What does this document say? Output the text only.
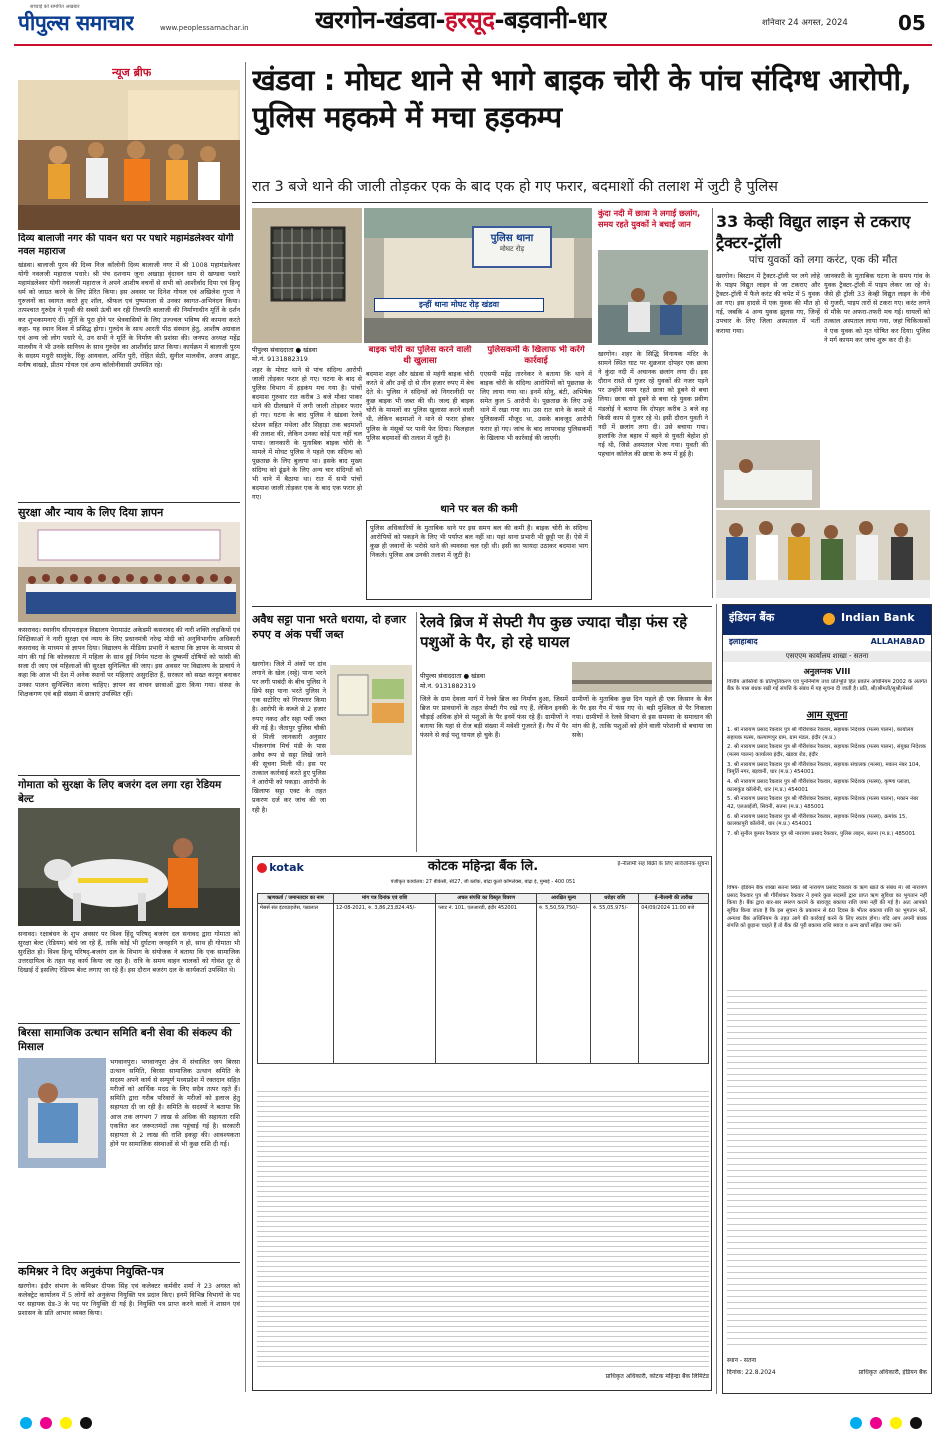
सच्चाई को समर्पित अखबार
पीपुल्स समाचार	www.peoplessamachar.in	खरगोन-खंडवा-हरसूद-बड़वानी-धार	शनिवार 24 अगस्त, 2024	05
न्यूज ब्रीफ
दिव्य बालाजी नगर की पावन धरा पर पधारे महामंडलेश्वर योगी नवल महाराज
खंडवा। बालाजी पुरम की दिव्य निज कॉलोनी दिव्य बालाजी नगर में श्री 1008 महामंडलेश्वर योगी नवलजी महाराज पधारे। श्री पंच दशनाम जूना अखाड़ा वृंदावन धाम से खण्डवा पधारे महामंडलेश्वर योगी नवलजी महाराज ने अपने आशीष वचनों से सभी को आशीर्वाद दिया एवं हिन्दू धर्म को जाग्रत करने के लिए प्रेरित किया। इस अवसर पर दिनेश गोयल एवं अखिलेश गुप्ता ने गुरुजनों का स्वागत करते हुए शॉल, श्रीफल एवं पुष्पमाला से उनका स्वागत-अभिनंदन किया। तत्पश्चात गुरुदेव ने पृथ्वी की सबसे ऊंची बन रही तिरुपति बालाजी की निर्माणाधीन मूर्ति के दर्शन कर शुभकामनाएं दीं। मूर्ति के पूरा होने पर श्रेत्रवासियों के लिए उज्ज्वल भविष्य की कामना करते कहा- यह स्थान विश्व में प्रसिद्ध होगा। गुरुदेव के साथ आरती पीठ संस्थान हेतु, आशीष अग्रवाल एवं अन्य जो लोग पधारे थे, उन सभी ने मूर्ति के निर्माण की प्रशंसा की। जनपद अध्यक्ष महेंद्र मालवीय ने भी उनके सानिध्य के साथ गुरुदेव का आशीर्वाद प्राप्त किया। कार्यक्रम में बालाजी पुरम के सदस्य मधुरी सालुंके, रिंकू आयवाल, अर्पित पुरी, रोहित सेठी, सुनील मालवीय, अजय आडूट, मनीष वाखड़े, प्रीतम गोयल एवं अन्य कॉलोनीवासी उपस्थित रहे।
सुरक्षा और न्याय के लिए दिया ज्ञापन
कसरावद। स्थानीय सीएमराइज विद्यालय पेरामाउंट अकेडमी कसरावद की नारी शक्ति लड़कियों एवं शिक्षिकाओं ने नारी सुरक्षा एवं न्याय के लिए प्रधानमंत्री नरेन्द्र मोदी को अनुविभागीय अधिकारी कसरावद के माध्यम से ज्ञापन दिया। विद्यालय के मीडिया प्रभारी ने बताया कि ज्ञापन के माध्यम से मांग की गई कि कोलकाता में महिला के साथ हुई निर्मम घटना के दुष्कर्मी दोषियों को फांसी की सजा दी जाए एवं महिलाओं की सुरक्षा सुनिश्चित की जाए। इस अवसर पर विद्यालय के प्राचार्य ने कहा कि आज भी देश में अनेक स्थानों पर महिलाएं असुरक्षित हैं, सरकार को सख्त कानून बनाकर उनका पालन सुनिश्चित करना चाहिए। ज्ञापन का वाचन छात्राओं द्वारा किया गया। संस्था के शिक्षकगण एवं बड़ी संख्या में छात्राएं उपस्थित रहीं।
गोमाता को सुरक्षा के लिए बजरंग दल लगा रहा रेडियम बेल्ट
सनावद। रक्षाबंधन के शुभ अवसर पर विश्व हिंदू परिषद् बजरंग दल सनावद द्वारा गोमाता को सुरक्षा बेल्ट (रेडियम) बांधे जा रहे हैं, ताकि कोई भी दुर्घटना जनहानि न हो, साथ ही गोमाता भी सुरक्षित हो। विश्व हिन्दू परिषद्-बजरंग दल के विभाग के संयोजक ने बताया कि एक सामाजिक उत्तरदायित्व के तहत यह कार्य किया जा रहा है। रात्रि के समय वाहन चालकों को गोवंश दूर से दिखाई दें इसलिए रेडियम बेल्ट लगाए जा रहे हैं। इस दौरान बजरंग दल के कार्यकर्ता उपस्थित थे।
बिरसा सामाजिक उत्थान समिति बनी सेवा की संकल्प की मिसाल
भगवानपुरा। भगवानपुरा क्षेत्र में संचालित जय बिरसा उत्थान समिति, बिरसा सामाजिक उत्थान समिति के सदस्य अपने कार्य से सम्पूर्ण मध्यप्रदेश में रक्तदान सहित मरीजों को आर्थिक मदद के लिए सदैव तत्पर रहते हैं। समिति द्वारा गरीब परिवारों के मरीजों को इलाज हेतु सहायता दी जा रही है। समिति के सदस्यों ने बताया कि आज तक लगभग 7 लाख से अधिक की सहायता राशि एकत्रित कर जरूरतमंदों तक पहुंचाई गई है। सरकारी सहायता से 2 लाख की राशि इकट्ठा की। आवश्यकता होने पर सामाजिक संस्थाओं से भी कुछ राशि दी गई।
कमिश्नर ने दिए अनुकंपा नियुक्ति-पत्र
खरगोन। इंदौर संभाग के कमिश्नर दीपक सिंह एवं कलेक्टर कर्मवीर शर्मा ने 23 अगस्त को कलेक्ट्रेट कार्यालय में 5 लोगों को अनुकंपा नियुक्ति पत्र प्रदान किए। इनमें विभिन्न विभागों के पद पर सहायक ग्रेड-3 के पद पर नियुक्ति दी गई है। नियुक्ति पत्र प्राप्त करने वालों ने शासन एवं प्रशासन के प्रति आभार व्यक्त किया।
खंडवा : मोघट थाने से भागे बाइक चोरी के पांच संदिग्ध आरोपी, पुलिस महकमे में मचा हड़कम्प
रात 3 बजे थाने की जाली तोड़कर एक के बाद एक हो गए फरार, बदमाशों की तलाश में जुटी है पुलिस
पुलिस थाना
मोघट रोड़
इन्हीं थाना मोघट रोड़ खंडवा
पीपुल्स संवाददाता ● खंडवा
मो.नं. 9131882319
शहर के मोघट थाने से पांच संदिग्ध आरोपी जाली तोड़कर फरार हो गए। घटना के बाद से पुलिस विभाग में हड़कंप मच गया है। पांचों बदमाश गुरुवार रात करीब 3 बजे मौका पाकर थाने की ग्रीलखाने में लगी जाली तोड़कर फरार हो गए। घटना के बाद पुलिस ने खंडवा रेलवे स्टेशन सहित मथेला और सिहाड़ा तक बदमाशों की तलाश की, लेकिन उनका कोई पता नहीं चल पाया। जानकारी के मुताबिक बाइक चोरी के मामले में मोघट पुलिस ने पहले एक संदिग्ध को पूछताछ के लिए बुलाया था। इसके बाद मुख्य संदिग्ध को ढूंढने के लिए अन्य चार संदिग्धों को भी थाने में बैठाया था। रात में सभी पांचों बदमाश जाली तोड़कर एक के बाद एक फरार हो गए।
बाइक चोरी का पुलिस करने वाली थी खुलासा
बदमाश शहर और खंडवा से महंगी बाइक चोरी करते थे और उन्हें दो से तीन हजार रुपए में बेच देते थे। पुलिस ने संदिग्धों को निगरानीदी पर कुछ बाइक भी जब्त की थी। जल्द ही बाइक चोरी के मामलों का पुलिस खुलासा करने वाली थी, लेकिन बदमाशों ने थाने से फरार होकर पुलिस के मंसूबों पर पानी फेर दिया। फिलहाल पुलिस बदमाशों की तलाश में जुटी है।
पुलिसकर्मी के खिलाफ भी करेंगे कार्रवाई
एएसपी महेंद्र तारनेकर ने बताया कि थाने में बाइक चोरी के संदिग्ध आरोपियों को पूछताछ के लिए लाया गया था। इनमें सोनू, बंटी, अभिषेक समेत कुल 5 आरोपी थे। पूछताछ के लिए उन्हें थाने में रखा गया था। उस रात थाने के कमरे में पुलिसकर्मी मौजूद था, उसके बावजूद आरोपी फरार हो गए। जांच के बाद लापरवाह पुलिसकर्मी के खिलाफ भी कार्रवाई की जाएगी।
थाने पर बल की कमी
पुलिस अधिकारियों के मुताबिक थाने पर इस समय बल की कमी है। बाइक चोरी के संदिग्ध आरोपियों को पकड़ने के लिए भी पर्याप्त बल नहीं था। यहां थाना प्रभारी भी छुट्टी पर हैं। ऐसे में कुछ ही जवानों के भरोसे थाने की व्यवस्था चल रही थी। इसी का फायदा उठाकर बदमाश भाग निकले। पुलिस अब उनकी तलाश में जुटी है।
कुंदा नदी में छात्रा ने लगाई छलांग, समय रहते युवकों ने बचाई जान
खरगोन। शहर के सिद्धि विनायक मंदिर के सामने स्थित घाट पर शुक्रवार दोपहर एक छात्रा ने कुंदा नदी में अचानक छलांग लगा दी। इस दौरान रास्ते से गुजर रहे युवकों की नजर पड़ने पर उन्होंने समय रहते छात्रा को डूबने से बचा लिया। छात्रा को डूबने से बचा रहे युवक प्रवीण मंडलोई ने बताया कि दोपहर करीब 3 बजे वह किसी काम से गुजर रहे थे। इसी दौरान युवती ने नदी में छलांग लगा दी। उसे बचाया गया। हालांकि तेज बहाव में बहने से युवती बेहोश हो गई थी, जिसे अस्पताल भेजा गया। युवती की पहचान कॉलेज की छात्रा के रूप में हुई है।
33 केव्ही विद्युत लाइन से टकराए ट्रैक्टर-ट्रॉली
पांच युवकों को लगा करंट, एक की मौत
खरगोन। बिस्टान में ट्रैक्टर-ट्रॉली पर लगे लोहे के पाइप विद्युत लाइन से जा टकराए और ट्रैक्टर-ट्रॉली में फैले करंट की चपेट में 5 युवक आ गए। इस हादसे में एक युवक की मौत हो गई, जबकि 4 अन्य युवक झुलस गए, जिन्हें उपचार के लिए जिला अस्पताल में भर्ती कराया गया।
जानकारी के मुताबिक घटना के समय गांव के युवक ट्रैक्टर-ट्रॉली में पाइप लेकर जा रहे थे। जैसे ही ट्रॉली 33 केव्ही विद्युत लाइन के नीचे से गुजरी, पाइप तारों से टकरा गए। करंट लगने से मौके पर अफरा-तफरी मच गई। घायलों को तत्काल अस्पताल लाया गया, जहां चिकित्सकों ने एक युवक को मृत घोषित कर दिया। पुलिस ने मर्ग कायम कर जांच शुरू कर दी है।
अवैध सट्टा पाना भरते धराया, दो हजार रुपए व अंक पर्ची जब्त
खरगोन। जिले में अंकों पर दांव लगाने के खेल (सट्टे) पाना भरने पर लगी पाबंदी के बीच पुलिस ने छिपे सट्टा पाना भरते पुलिस ने एक सटोरिए को गिरफ्तार किया है। आरोपी के कब्जे से 2 हजार रुपए नकद और सट्टा पर्ची जब्त की गई है। जैतापुर पुलिस चौकी से मिली जानकारी अनुसार भीकनगांव मिर्च मंडी के पास अवैध रूप से सट्टा लिखे जाने की सूचना मिली थी। इस पर तत्काल कार्रवाई करते हुए पुलिस ने आरोपी को पकड़ा। आरोपी के खिलाफ सट्टा एक्ट के तहत प्रकरण दर्ज कर जांच की जा रही है।
रेलवे ब्रिज में सेफ्टी गैप कुछ ज्यादा चौड़ा फंस रहे पशुओं के पैर, हो रहे घायल
पीपुल्स संवाददाता ● खंडवा
मो.नं. 9131882319
जिले के ग्राम देवला मार्ग में रेलवे ब्रिज का निर्माण हुआ, जिसमें ब्रिज पर प्रावधानों के तहत सेफ्टी गैप रखे गए हैं, लेकिन इनकी चौड़ाई अधिक होने से पशुओं के पैर इनमें फंस रहे हैं। ग्रामीणों ने बताया कि यहां से रोज बड़ी संख्या में मवेशी गुजरते हैं। गैप में पैर फंसने से कई पशु घायल हो चुके हैं।
ग्रामीणों के मुताबिक कुछ दिन पहले ही एक किसान के बैल के पैर इस गैप में फंस गए थे। बड़ी मुश्किल से पैर निकाला गया। ग्रामीणों ने रेलवे विभाग से इस समस्या के समाधान की मांग की है, ताकि पशुओं को होने वाली परेशानी से बचाया जा सके।
kotak	कोटक महिन्द्रा बैंक लि.	ई-नीलामी सह बिक्री के लिए सार्वजनिक सूचना
पंजीकृत कार्यालय: 27 बीकेसी, सी27, जी ब्लॉक, बांद्रा कुर्ला कॉम्प्लेक्स, बांद्रा ई, मुम्बई - 400 051
ऋणकर्ता / जमानतदार का नाम	मांग पत्र दिनांक एवं राशि	अचल संपत्ति का विस्तृत विवरण	आरक्षित मूल्य	धरोहर राशि	ई-नीलामी की तारीख
मेसर्स संत इंटरप्राइजेस, पन्नालाल	12-08-2021, रु. 3,86,23,824.45/-	प्लाट नं. 101, एलआरडी, इंदौर 452001	रु. 5,50,59,750/-	रु. 55,05,975/-	04/09/2024 11:00 बजे
प्राधिकृत अधिकारी, कोटक महिन्द्रा बैंक लिमिटेड
इंडियन बैंक	Indian Bank
इलाहाबाद	ALLAHABAD
एसएएम कार्यालय शाखा - सतना
अनुलग्नक VIII
वित्तीय आस्तियों के प्रतिभूतिकरण एवं पुनर्निर्माण तथा प्रतिभूति हित प्रवर्तन अधिनियम 2002 के अंतर्गत बैंक के पास बंधक रखी गई संपत्ति के संबंध में यह सूचना दी जाती है। प्रति, श्री/श्रीमती/सुश्री/मेसर्स
आम सूचना
1. श्री नारायण प्रसाद रैकवार पुत्र श्री गौरीशंकर रैकवार, सहायक निदेशक (मत्स्य पालन), कार्यालय सहायक मत्स्य, कल्याणपुर ग्राम, ग्राम मंडल, इंदौर (म.प्र.)
2. श्री नारायण प्रसाद रैकवार पुत्र श्री गौरीशंकर रैकवार, सहायक निदेशक (मत्स्य पालन), संयुक्त निदेशक (मत्स्य पालन) कार्यालय इंदौर, खंडवा रोड, इंदौर
3. श्री नारायण प्रसाद रैकवार पुत्र श्री गौरीशंकर रैकवार, सहायक संचालक (मत्स्य), मकान नंबर 104, त्रिमूर्ति नगर, बड़वानी, धार (म.प्र.) 454001
4. श्री नारायण प्रसाद रैकवार पुत्र श्री गौरीशंकर रैकवार, सहायक निदेशक (मत्स्य), कृष्णा प्लाजा, कालाकुंड कॉलोनी, धार (म.प्र.) 454001
5. श्री नारायण प्रसाद रैकवार पुत्र श्री गौरीशंकर रैकवार, सहायक निदेशक (मत्स्य पालन), मकान नंबर 42, एलआईजी, सिवनी, सतना (म.प्र.) 485001
6. श्री नारायण प्रसाद रैकवार पुत्र श्री गौरीशंकर रैकवार, सहायक निदेशक (मत्स्य), क्रमांक 15, कालकापुरी कॉलोनी, धार (म.प्र.) 454001
7. श्री सुनील कुमार रैकवार पुत्र श्री नारायण प्रसाद रैकवार, पुलिस लाइन, सतना (म.प्र.) 485001
विषय- इंडियन बैंक शाखा सतना स्थित श्री नारायण प्रसाद रैकवार के ऋण खाते के संबंध में। श्री नारायण प्रसाद रैकवार पुत्र श्री गौरीशंकर रैकवार ने हमारे कुछ सदस्यों द्वारा प्राप्त ऋण सुविधा का भुगतान नहीं किया है। बैंक द्वारा बार-बार स्मरण कराने के बावजूद बकाया राशि जमा नहीं की गई है। अतः आपको सूचित किया जाता है कि इस सूचना के प्रकाशन से 60 दिवस के भीतर बकाया राशि का भुगतान करें, अन्यथा बैंक अधिनियम के तहत आगे की कार्रवाई करने के लिए स्वतंत्र होगा। यदि आप अपनी बंधक संपत्ति को छुड़ाना चाहते हैं तो बैंक की पूरी बकाया राशि ब्याज व अन्य खर्चों सहित जमा करें।
स्थान - सतना
दिनांक: 22.8.2024	प्राधिकृत अधिकारी, इंडियन बैंक
